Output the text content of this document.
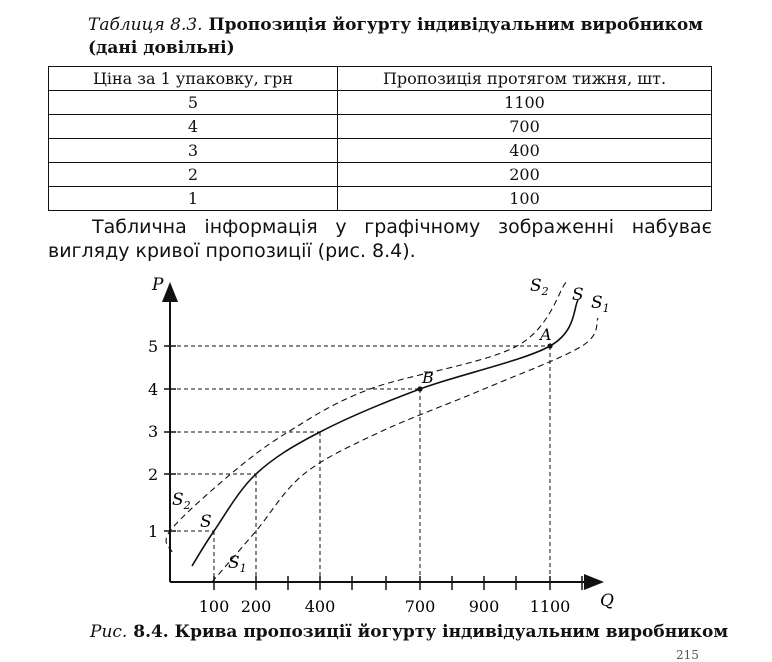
Таблиця 8.3. Пропозиція йогурту індивідуальним виробником (дані довільні)
Ціна за 1 упаковку, грн	Пропозиція протягом тижня, шт.
5	1100
4	700
3	400
2	200
1	100
Таблична інформація у графічному зображенні набуває
вигляду кривої пропозиції (рис. 8.4).
A
B
P
Q
100 200 400	700 900 1100
1
2
3
4
5
$S_2$ S $S_1$
$S_2$
S
$S_1$
Рис. 8.4. Крива пропозиції йогурту індивідуальним виробником
215
